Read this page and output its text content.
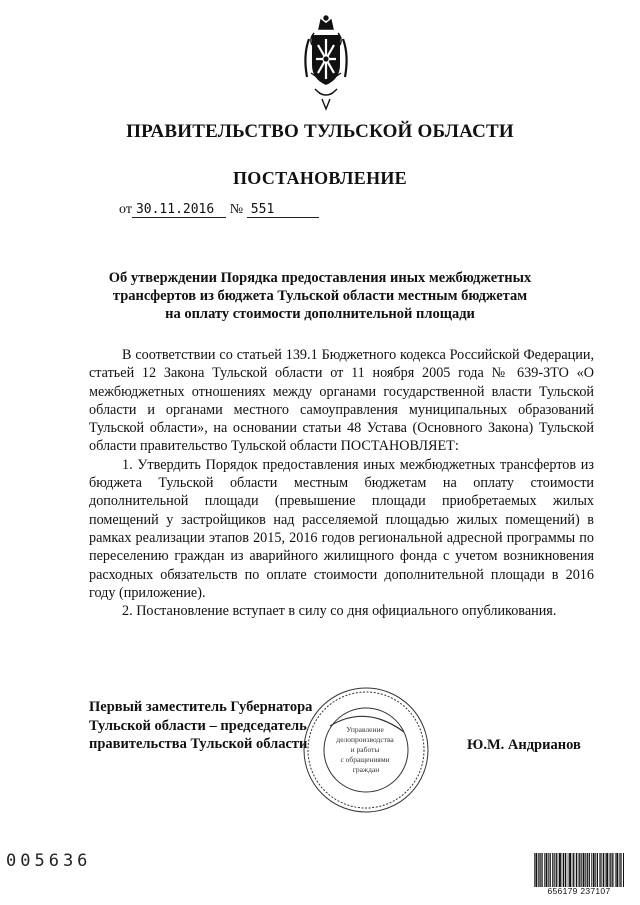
ПРАВИТЕЛЬСТВО ТУЛЬСКОЙ ОБЛАСТИ
ПОСТАНОВЛЕНИЕ
от 30.11.2016 № 551
Об утверждении Порядка предоставления иных межбюджетных
трансфертов из бюджета Тульской области местным бюджетам
на оплату стоимости дополнительной площади

В соответствии со статьей 139.1 Бюджетного кодекса Российской Федерации, статьей 12 Закона Тульской области от 11 ноября 2005 года № 639-ЗТО «О межбюджетных отношениях между органами государственной власти Тульской области и органами местного самоуправления муниципальных образований Тульской области», на основании статьи 48 Устава (Основного Закона) Тульской области правительство Тульской области ПОСТАНОВЛЯЕТ:

1. Утвердить Порядок предоставления иных межбюджетных трансфертов из бюджета Тульской области местным бюджетам на оплату стоимости дополнительной площади (превышение площади приобретаемых жилых помещений у застройщиков над расселяемой площадью жилых помещений) в рамках реализации этапов 2015, 2016 годов региональной адресной программы по переселению граждан из аварийного жилищного фонда с учетом возникновения расходных обязательств по оплате стоимости дополнительной площади в 2016 году (приложение).

2. Постановление вступает в силу со дня официального опубликования.

Первый заместитель Губернатора
Тульской области – председатель
правительства Тульской области	Ю.М. Андрианов
Управление делопроизводства и работы с обращениями граждан
005636
656179 237107
